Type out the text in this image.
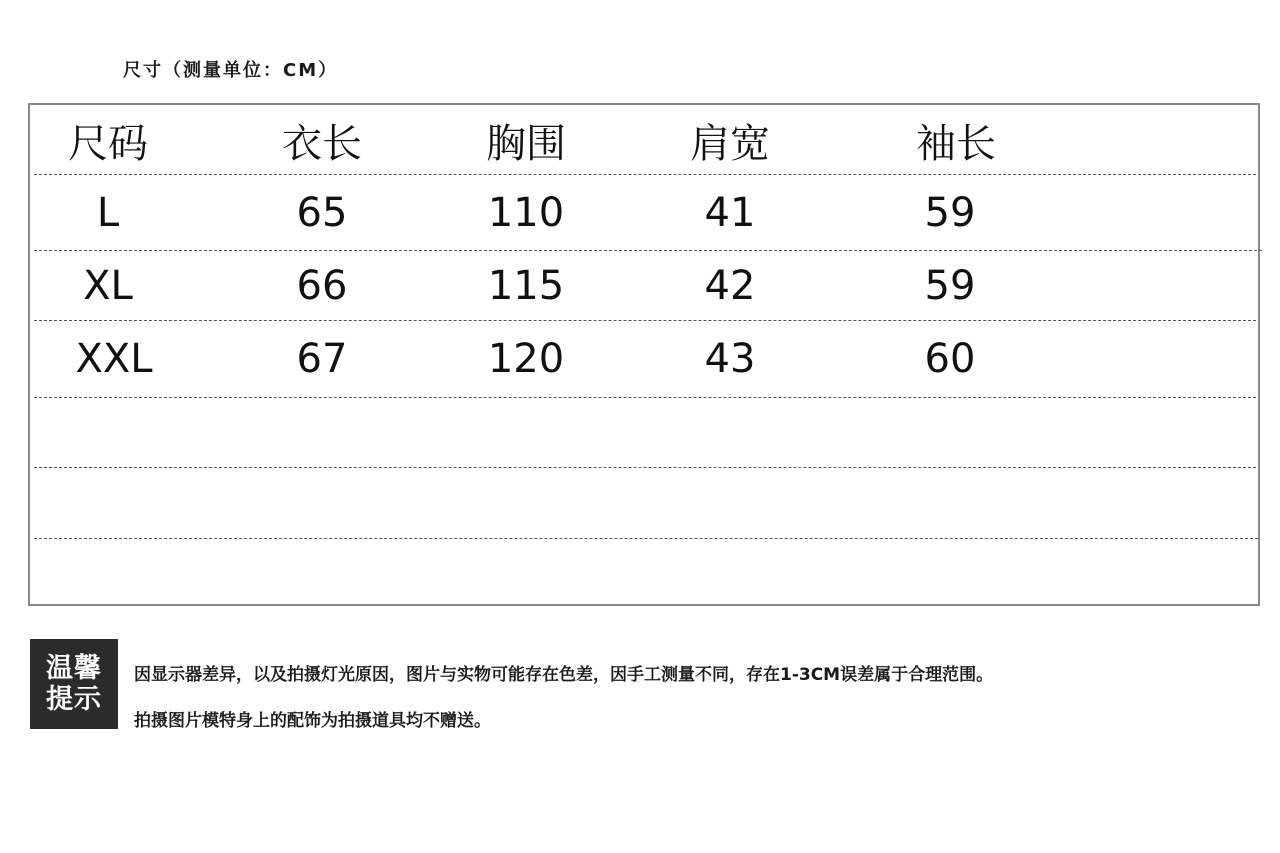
尺寸（测量单位：CM）
尺码	衣长	胸围	肩宽	袖长
L	65	110	41	59
XL	66	115	42	59
XXL	67	120	43	60
温馨
提示
因显示器差异，以及拍摄灯光原因，图片与实物可能存在色差，因手工测量不同，存在1-3CM误差属于合理范围。
拍摄图片模特身上的配饰为拍摄道具均不赠送。
